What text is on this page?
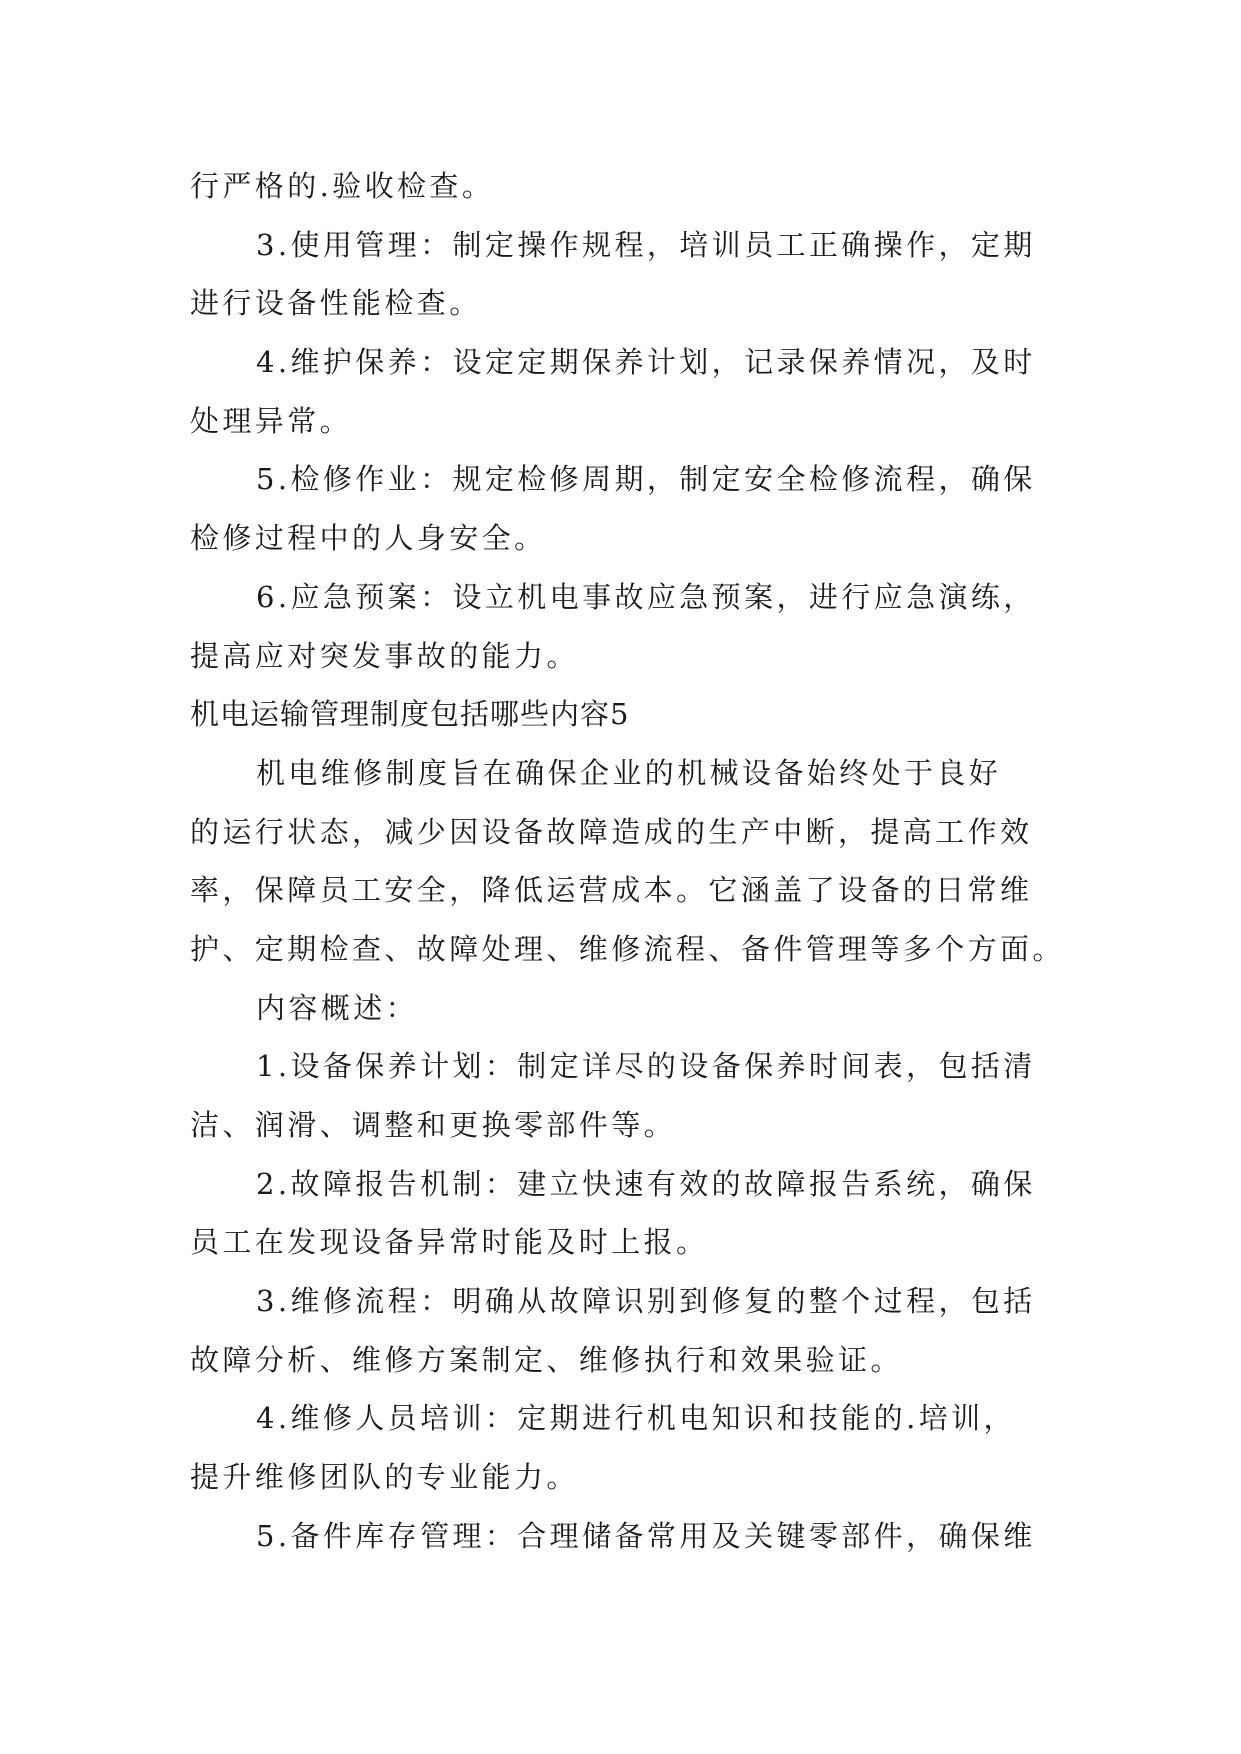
行严格的.验收检查。
3.使用管理：制定操作规程，培训员工正确操作，定期
进行设备性能检查。
4.维护保养：设定定期保养计划，记录保养情况，及时
处理异常。
5.检修作业：规定检修周期，制定安全检修流程，确保
检修过程中的人身安全。
6.应急预案：设立机电事故应急预案，进行应急演练，
提高应对突发事故的能力。
机电运输管理制度包括哪些内容5
机电维修制度旨在确保企业的机械设备始终处于良好
的运行状态，减少因设备故障造成的生产中断，提高工作效
率，保障员工安全，降低运营成本。它涵盖了设备的日常维
护、定期检查、故障处理、维修流程、备件管理等多个方面。
内容概述：
1.设备保养计划：制定详尽的设备保养时间表，包括清
洁、润滑、调整和更换零部件等。
2.故障报告机制：建立快速有效的故障报告系统，确保
员工在发现设备异常时能及时上报。
3.维修流程：明确从故障识别到修复的整个过程，包括
故障分析、维修方案制定、维修执行和效果验证。
4.维修人员培训：定期进行机电知识和技能的.培训，
提升维修团队的专业能力。
5.备件库存管理：合理储备常用及关键零部件，确保维
